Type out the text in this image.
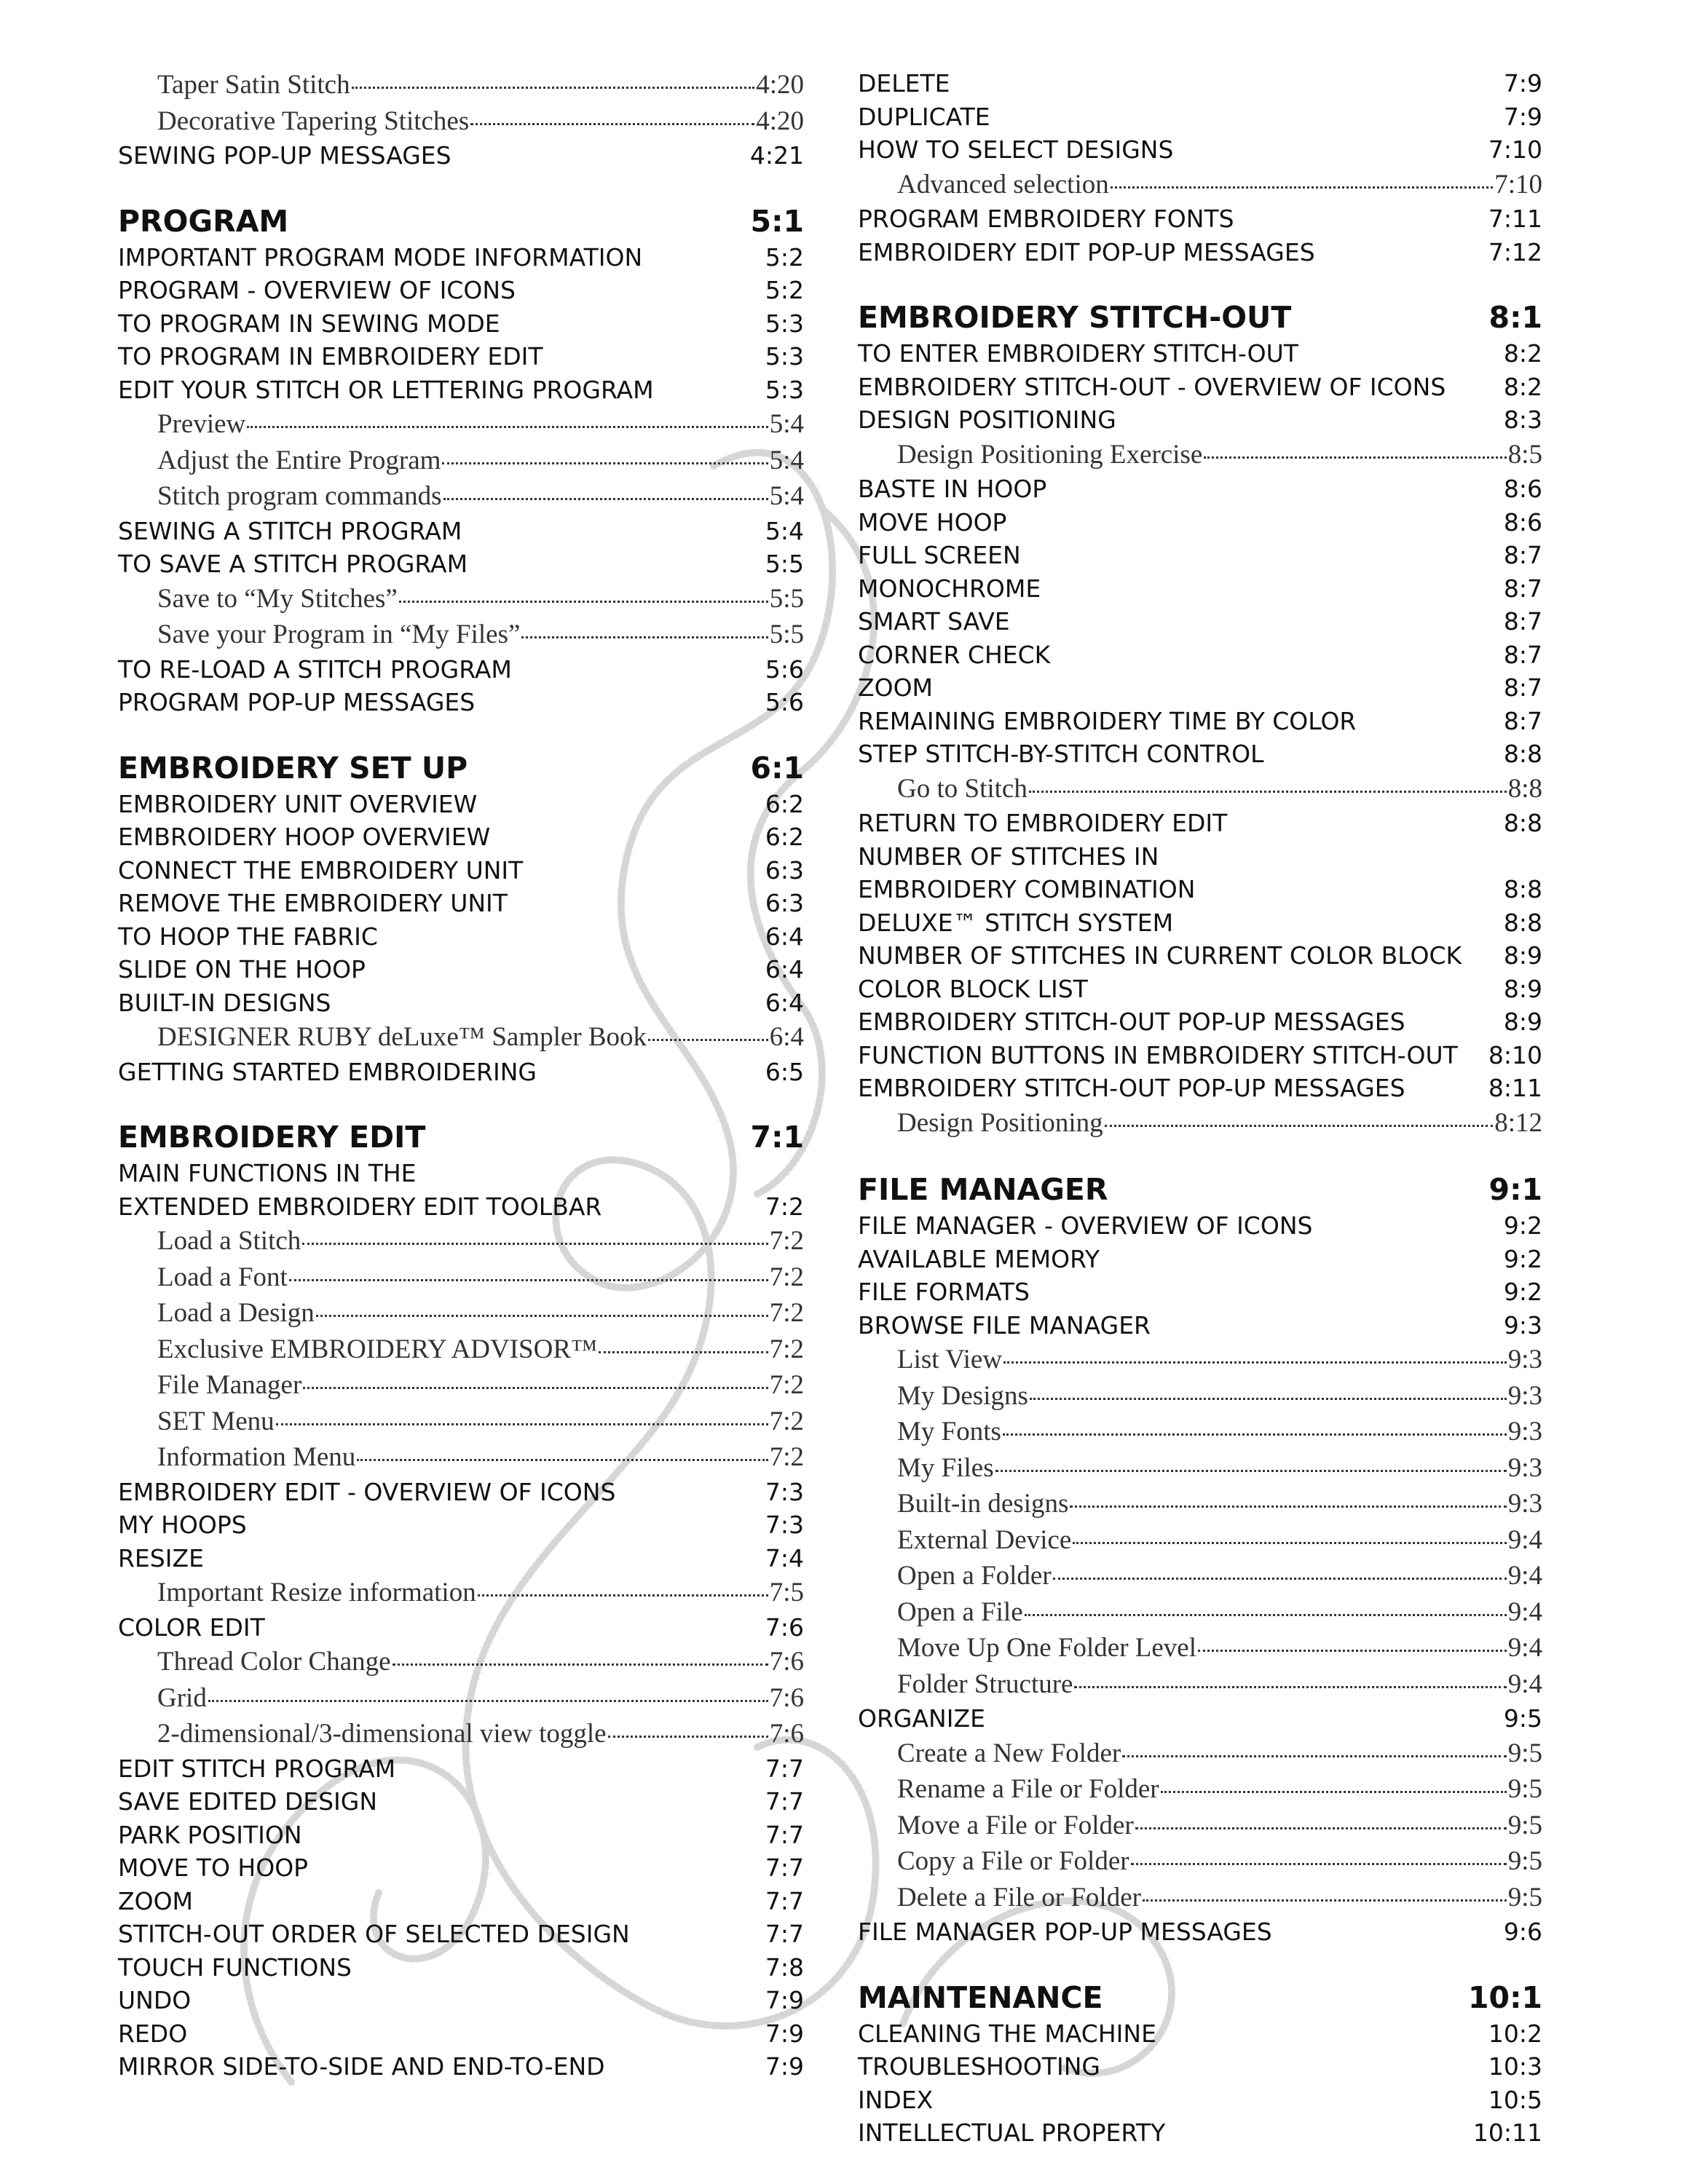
Taper Satin Stitch	4:20
Decorative Tapering Stitches	4:20
SEWING POP-UP MESSAGES	4:21
PROGRAM	5:1
IMPORTANT PROGRAM MODE INFORMATION	5:2
PROGRAM - OVERVIEW OF ICONS	5:2
TO PROGRAM IN SEWING MODE	5:3
TO PROGRAM IN EMBROIDERY EDIT	5:3
EDIT YOUR STITCH OR LETTERING PROGRAM	5:3
Preview	5:4
Adjust the Entire Program	5:4
Stitch program commands	5:4
SEWING A STITCH PROGRAM	5:4
TO SAVE A STITCH PROGRAM	5:5
Save to “My Stitches”	5:5
Save your Program in “My Files”	5:5
TO RE-LOAD A STITCH PROGRAM	5:6
PROGRAM POP-UP MESSAGES	5:6
EMBROIDERY SET UP	6:1
EMBROIDERY UNIT OVERVIEW	6:2
EMBROIDERY HOOP OVERVIEW	6:2
CONNECT THE EMBROIDERY UNIT	6:3
REMOVE THE EMBROIDERY UNIT	6:3
TO HOOP THE FABRIC	6:4
SLIDE ON THE HOOP	6:4
BUILT-IN DESIGNS	6:4
DESIGNER RUBY deLuxe™ Sampler Book	6:4
GETTING STARTED EMBROIDERING	6:5
EMBROIDERY EDIT	7:1
MAIN FUNCTIONS IN THE
EXTENDED EMBROIDERY EDIT TOOLBAR	7:2
Load a Stitch	7:2
Load a Font	7:2
Load a Design	7:2
Exclusive EMBROIDERY ADVISOR™	7:2
File Manager	7:2
SET Menu	7:2
Information Menu	7:2
EMBROIDERY EDIT - OVERVIEW OF ICONS	7:3
MY HOOPS	7:3
RESIZE	7:4
Important Resize information	7:5
COLOR EDIT	7:6
Thread Color Change	7:6
Grid	7:6
2-dimensional/3-dimensional view toggle	7:6
EDIT STITCH PROGRAM	7:7
SAVE EDITED DESIGN	7:7
PARK POSITION	7:7
MOVE TO HOOP	7:7
ZOOM	7:7
STITCH-OUT ORDER OF SELECTED DESIGN	7:7
TOUCH FUNCTIONS	7:8
UNDO	7:9
REDO	7:9
MIRROR SIDE-TO-SIDE AND END-TO-END	7:9
DELETE	7:9
DUPLICATE	7:9
HOW TO SELECT DESIGNS	7:10
Advanced selection	7:10
PROGRAM EMBROIDERY FONTS	7:11
EMBROIDERY EDIT POP-UP MESSAGES	7:12
EMBROIDERY STITCH-OUT	8:1
TO ENTER EMBROIDERY STITCH-OUT	8:2
EMBROIDERY STITCH-OUT - OVERVIEW OF ICONS 8:2
DESIGN POSITIONING	8:3
Design Positioning Exercise	8:5
BASTE IN HOOP	8:6
MOVE HOOP	8:6
FULL SCREEN	8:7
MONOCHROME	8:7
SMART SAVE	8:7
CORNER CHECK	8:7
ZOOM	8:7
REMAINING EMBROIDERY TIME BY COLOR	8:7
STEP STITCH-BY-STITCH CONTROL	8:8
Go to Stitch	8:8
RETURN TO EMBROIDERY EDIT	8:8
NUMBER OF STITCHES IN
EMBROIDERY COMBINATION	8:8
DELUXE™ STITCH SYSTEM	8:8
NUMBER OF STITCHES IN CURRENT COLOR BLOCK 8:9
COLOR BLOCK LIST	8:9
EMBROIDERY STITCH-OUT POP-UP MESSAGES	8:9
FUNCTION BUTTONS IN EMBROIDERY STITCH-OUT 8:10
EMBROIDERY STITCH-OUT POP-UP MESSAGES	8:11
Design Positioning	8:12
FILE MANAGER	9:1
FILE MANAGER - OVERVIEW OF ICONS	9:2
AVAILABLE MEMORY	9:2
FILE FORMATS	9:2
BROWSE FILE MANAGER	9:3
List View	9:3
My Designs	9:3
My Fonts	9:3
My Files	9:3
Built-in designs	9:3
External Device	9:4
Open a Folder	9:4
Open a File	9:4
Move Up One Folder Level	9:4
Folder Structure	9:4
ORGANIZE	9:5
Create a New Folder	9:5
Rename a File or Folder	9:5
Move a File or Folder	9:5
Copy a File or Folder	9:5
Delete a File or Folder	9:5
FILE MANAGER POP-UP MESSAGES	9:6
MAINTENANCE	10:1
CLEANING THE MACHINE	10:2
TROUBLESHOOTING	10:3
INDEX	10:5
INTELLECTUAL PROPERTY	10:11
